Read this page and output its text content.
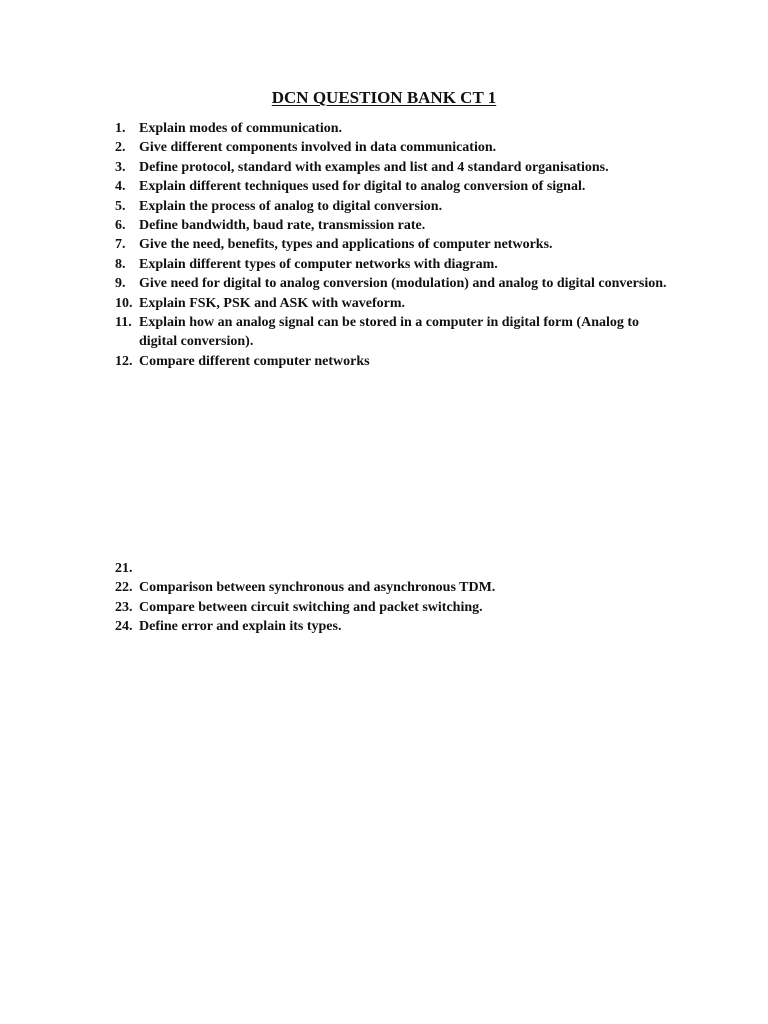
DCN QUESTION BANK CT 1
1. Explain modes of communication.
2. Give different components involved in data communication.
3. Define protocol, standard with examples and list and 4 standard organisations.
4. Explain different techniques used for digital to analog conversion of signal.
5. Explain the process of analog to digital conversion.
6. Define bandwidth, baud rate, transmission rate.
7. Give the need, benefits, types and applications of computer networks.
8. Explain different types of computer networks with diagram.
9. Give need for digital to analog conversion (modulation) and analog to digital conversion.
10. Explain FSK, PSK and ASK with waveform.
11. Explain how an analog signal can be stored in a computer in digital form (Analog to digital conversion).
12. Compare different computer networks
21.
22. Comparison between synchronous and asynchronous TDM.
23. Compare between circuit switching and packet switching.
24. Define error and explain its types.
